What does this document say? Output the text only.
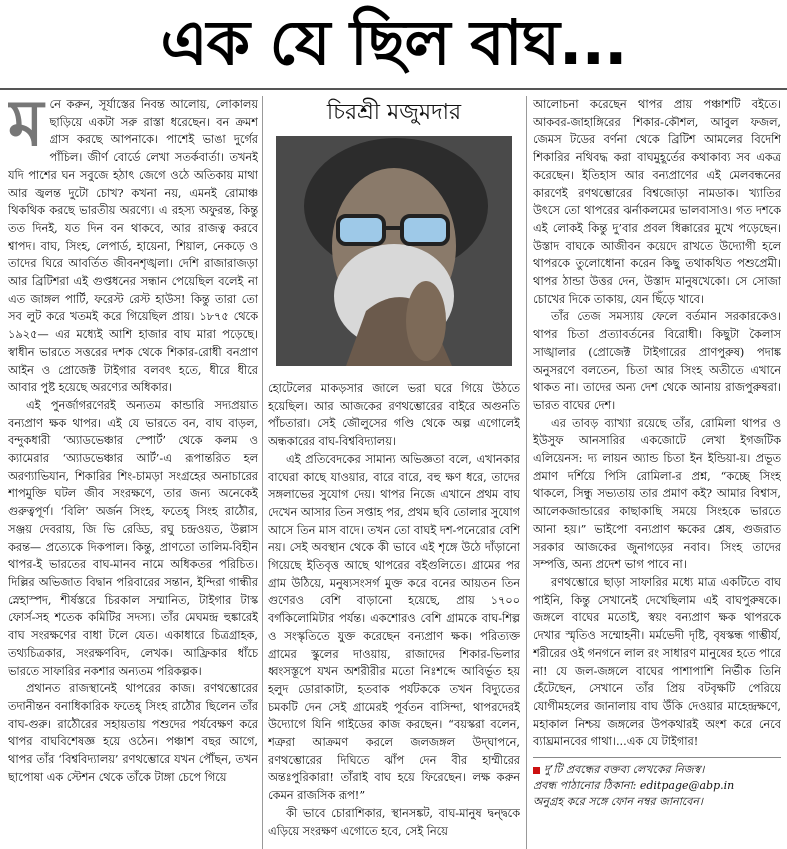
এক যে ছিল বাঘ...
ম নে করুন, সূর্যাস্তের নিবন্ত আলোয়, লোকালয় ছাড়িয়ে একটা সরু রাস্তা ধরেছেন। বন ক্রমশ গ্রাস করছে আপনাকে। পাশেই ভাঙা দুর্গের পাঁচিল। জীর্ণ বোর্ডে লেখা সতর্কবার্তা। তখনই যদি পাশের ঘন সবুজে হঠাৎ জেগে ওঠে অতিকায় মাথা আর জ্বলন্ত দুটো চোখ? কখনা নয়, এমনই রোমাঞ্চ থিকথিক করছে ভারতীয় অরণ্যে। এ রহস্য অফুরন্ত, কিন্তু তত দিনই, যত দিন বন থাকবে, আর রাজত্ব করবে শ্বাপদ। বাঘ, সিংহ, লেপার্ড, হায়েনা, শিয়াল, নেকড়ে ও তাদের ঘিরে আবর্তিত জীবনশৃঙ্খলা। দেশি রাজারাজড়া আর ব্রিটিশরা এই গুপ্তধনের সন্ধান পেয়েছিল বলেই না এত জাঙ্গল পার্টি, ফরেস্ট রেস্ট হাউস! কিন্তু তারা তো সব লুট করে খতমই করে গিয়েছিল প্রায়। ১৮৭৫ থেকে ১৯২৫— এর মধ্যেই আশি হাজার বাঘ মারা পড়েছে। স্বাধীন ভারতে সত্তরের দশক থেকে শিকার-রোধী বনপ্রাণ আইন ও প্রোজেক্ট টাইগার বলবৎ হতে, ধীরে ধীরে আবার পুষ্ট হয়েছে অরণ্যের অধিকার।

এই পুনর্জাগরণেরই অন্যতম কান্ডারি সদ্যপ্রয়াত বন্যপ্রাণ ক্ষক থাপর। এই যে ভারতে বন, বাঘ বাড়ল, বন্দুকধারী ‘অ্যাডভেঞ্চার স্পোর্ট’ থেকে কলম ও ক্যামেরার ‘অ্যাডভেঞ্চার আর্ট’-এ রূপান্তরিত হল অরণ্যাভিযান, শিকারির শিং-চামড়া সংগ্রহের অনাচারের শাপমুক্তি ঘটল জীব সংরক্ষণে, তার জন্য অনেকেই গুরুত্বপূর্ণ। ‘বিলি’ অর্জন সিংহ, ফতেহ্‌ সিংহ রাঠৌর, সঞ্জয় দেবরায়, জি ভি রেড্ডি, রঘু চন্দ্রওয়ত, উল্লাস করন্ত— প্রত্যেকে দিকপাল। কিন্তু, প্রাণতো তালিম-বিহীন থাপর-ই ভারতের বাঘ-মানব নামে অধিকতর পরিচিত। দিল্লির অভিজাত বিদ্বান পরিবারের সন্তান, ইন্দিরা গান্ধীর স্নেহাস্পদ, শীর্ষস্তরে চিরকাল সম্মানিত, টাইগার টাস্ক ফোর্স-সহ শতেক কমিটির সদস্য। তাঁর মেঘমন্দ্র হুঙ্কারেই বাঘ সংরক্ষণের বাধা টলে যেত। একাধারে চিত্রগ্রাহক, তথ্যচিত্রকার, সংরক্ষণবিদ, লেখক। আফ্রিকার ধাঁচে ভারতে সাফারির নকশার অন্যতম পরিকল্পক।

প্রথানত রাজস্থানেই থাপরের কাজ। রণথম্ভোরের তদানীন্তন বনাধিকারিক ফতেহ্‌ সিংহ রাঠৌর ছিলেন তাঁর বাঘ-গুরু। রাঠৌরের সহায়তায় পশুদের পর্যবেক্ষণ করে থাপর বাঘবিশেষজ্ঞ হয়ে ওঠেন। পঞ্চাশ বছর আগে, থাপর তাঁর ‘বিশ্ববিদ্যালয়’ রণথম্ভোরে যখন পৌঁছন, তখন ছাপোষা এক স্টেশন থেকে তাঁকে টাঙ্গা চেপে গিয়ে

চিরশ্রী মজুমদার

হোটেলের মাকড়সার জালে ভরা ঘরে গিয়ে উঠতে হয়েছিল। আর আজকের রণথম্ভোরের বাইরে অগুনতি পাঁচতারা। সেই জৌলুসের গণ্ডি থেকে অল্প এগোলেই অন্ধকারের বাঘ-বিশ্ববিদ্যালয়।

এই প্রতিবেদকের সামান্য অভিজ্ঞতা বলে, এখানকার বাঘেরা কাছে যাওয়ার, বারে বারে, বহু ক্ষণ ধরে, তাদের সঙ্গলাভের সুযোগ দেয়। থাপর নিজে এখানে প্রথম বাঘ দেখেন আসার তিন সপ্তাহ পর, প্রথম ছবি তোলার সুযোগ আসে তিন মাস বাদে। তখন তো বাঘই দশ-পনেরোর বেশি নয়। সেই অবস্থান থেকে কী ভাবে এই শৃঙ্গে উঠে দাঁড়ানো গিয়েছে ইতিবৃত্ত আছে থাপরের বইগুলিতে। গ্রামের পর গ্রাম উঠিয়ে, মনুষ্যসংসর্গ মুক্ত করে বনের আয়তন তিন গুণেরও বেশি বাড়ানো হয়েছে, প্রায় ১৭০০ বর্গকিলোমিটার পর্যন্ত। একশোরও বেশি গ্রামকে বাঘ-শিল্প ও সংস্কৃতিতে যুক্ত করেছেন বন্যপ্রাণ ক্ষক। পরিত্যক্ত গ্রামের স্কুলের দাওয়ায়, রাজাদের শিকার-ভিলার ধ্বংসস্তূপে যখন অশরীরীর মতো নিঃশব্দে আবির্ভূত হয় হলুদ ডোরাকাটা, হতবাক পর্যটককে তখন বিদ্যুতের চমকটি দেন সেই গ্রামেরই পূর্বতন বাসিন্দা, থাপরদেরই উদ্যোগে যিনি গাইডের কাজ করছেন। “বয়স্করা বলেন, শত্রুরা আক্রমণ করলে জলজঙ্গল উদ্‌ঘাপনে, রণথম্ভোরের দিঘিতে ঝাঁপ দেন বীর হাম্মীরের অন্তঃপুরিকারা! তাঁরাই বাঘ হয়ে ফিরেছেন। লক্ষ করুন কেমন রাজসিক রূপ!”

কী ভাবে চোরাশিকার, স্থানসঙ্কট, বাঘ-মানুষ দ্বন্দ্বকে এড়িয়ে সংরক্ষণ এগোতে হবে, সেই নিয়ে

আলোচনা করেছেন থাপর প্রায় পঞ্চাশটি বইতে। আকবর-জাহাঙ্গিরের শিকার-কৌশল, আবুল ফজল, জেমস টডের বর্ণনা থেকে ব্রিটিশ আমলের বিদেশি শিকারির নথিবদ্ধ করা বাঘমুহূর্তের কথাকাব্য সব একত্র করেছেন। ইতিহাস আর বন্যপ্রাণের এই মেলবন্ধনের কারণেই রণথম্ভোরের বিশ্বজোড়া নামডাক। খ্যাতির উৎসে তো থাপরের ঝর্নাকলমের ভালবাসাও। গত দশকে এই লোকই কিন্তু দু’বার প্রবল ধিক্কারের মুখে পড়েছেন। উস্তাদ বাঘকে আজীবন কয়েদে রাখতে উদ্যোগী হলে থাপরকে তুলোধোনা করেন কিছু তথাকথিত পশুপ্রেমী। থাপর ঠান্ডা উত্তর দেন, উস্তাদ মানুষখেকো। সে সোজা চোখের দিকে তাকায়, যেন ছিঁড়ে খাবে।

তাঁর তেজ সমস্যায় ফেলে বর্তমান সরকারকেও। থাপর চিতা প্রত্যাবর্তনের বিরোধী। কিছুটা কৈলাস সাঙ্খালার (প্রোজেক্ট টাইগারের প্রাণপুরুষ) পদাঙ্ক অনুসরণে বলতেন, চিতা আর সিংহ অতীতে এখানে থাকত না। তাদের অন্য দেশ থেকে আনায় রাজপুরুষরা। ভারত বাঘের দেশ।

এর তাবড় ব্যাখ্যা রয়েছে তাঁর, রোমিলা থাপর ও ইউসুফ আনসারির একজোটে লেখা ইগজটিক এলিয়েনস: দ্য লায়ন অ্যান্ড চিতা ইন ইন্ডিয়া-য়। প্রভূত প্রমাণ দর্শিয়ে পিসি রোমিলা-র প্রশ্ন, “কচ্ছে সিংহ থাকলে, সিন্ধু সভ্যতায় তার প্রমাণ কই? আমার বিশ্বাস, আলেকজান্ডারের কাছাকাছি সময়ে সিংহকে ভারতে আনা হয়।” ভাইপো বন্যপ্রাণ ক্ষকের শ্লেষ, গুজরাত সরকার আজকের জুনাগড়ের নবাব। সিংহ তাদের সম্পত্তি, অন্য প্রদেশ ভাগ পাবে না।

রণথম্ভোরে ছাড়া সাফারির মধ্যে মাত্র একটিতে বাঘ পাইনি, কিন্তু সেখানেই দেখেছিলাম এই বাঘপুরুষকে। জঙ্গলে বাঘের মতোই, স্বয়ং বন্যপ্রাণ ক্ষক থাপরকে দেখার স্মৃতিও সম্মোহনী। মর্মভেদী দৃষ্টি, বৃষস্কন্ধ গাম্ভীর্য, শরীরের ওই গনগনে লাল রং সাধারণ মানুষের হতে পারে না! যে জল-জঙ্গলে বাঘের পাশাপাশি নির্ভীক তিনি হেঁটেছেন, সেখানে তাঁর প্রিয় বটবৃক্ষটি পেরিয়ে যোগীমহলের জানালায় বাঘ উঁকি দেওয়ার মাহেন্দ্রক্ষণে, মহাকাল নিশ্চয় জঙ্গলের উপকথারই অংশ করে নেবে ব্যাঘ্রমানবের গাথা।...এক যে টাইগার!

দু’টি প্রবন্ধের বক্তব্য লেখকের নিজস্ব।

প্রবন্ধ পাঠানোর ঠিকানা: editpage@abp.in

অনুগ্রহ করে সঙ্গে ফোন নম্বর জানাবেন।
